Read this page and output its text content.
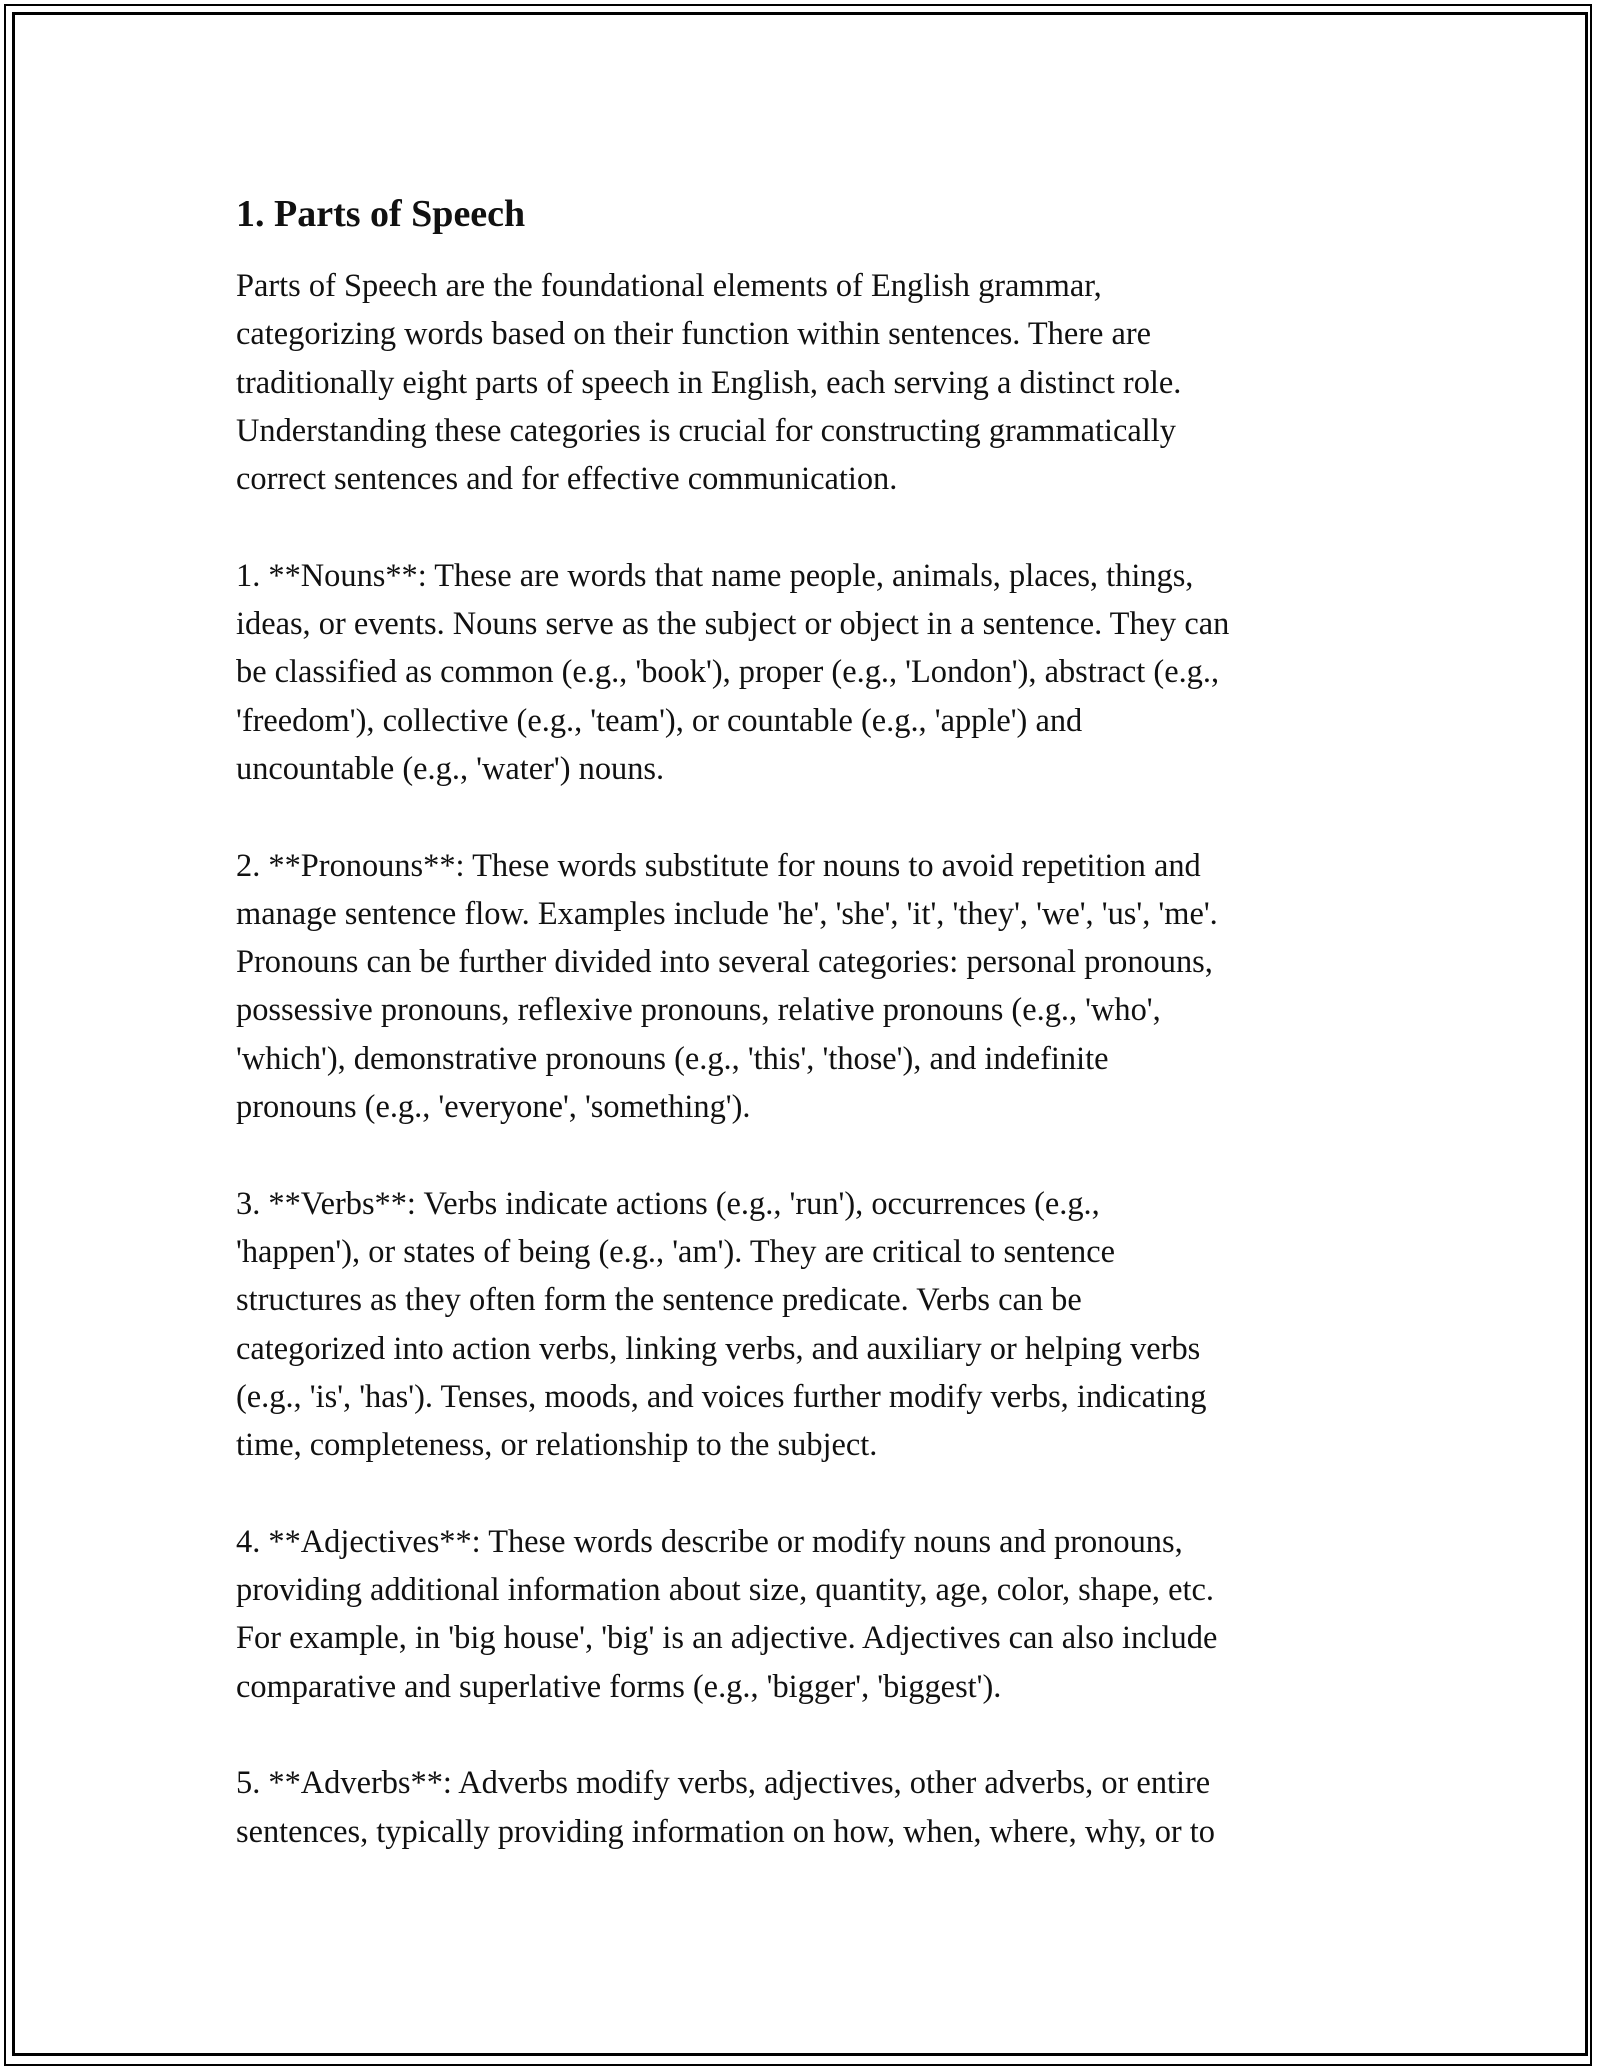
1. Parts of Speech

Parts of Speech are the foundational elements of English grammar,
categorizing words based on their function within sentences. There are
traditionally eight parts of speech in English, each serving a distinct role.
Understanding these categories is crucial for constructing grammatically
correct sentences and for effective communication.

1. **Nouns**: These are words that name people, animals, places, things,
ideas, or events. Nouns serve as the subject or object in a sentence. They can
be classified as common (e.g., 'book'), proper (e.g., 'London'), abstract (e.g.,
'freedom'), collective (e.g., 'team'), or countable (e.g., 'apple') and
uncountable (e.g., 'water') nouns.

2. **Pronouns**: These words substitute for nouns to avoid repetition and
manage sentence flow. Examples include 'he', 'she', 'it', 'they', 'we', 'us', 'me'.
Pronouns can be further divided into several categories: personal pronouns,
possessive pronouns, reflexive pronouns, relative pronouns (e.g., 'who',
'which'), demonstrative pronouns (e.g., 'this', 'those'), and indefinite
pronouns (e.g., 'everyone', 'something').

3. **Verbs**: Verbs indicate actions (e.g., 'run'), occurrences (e.g.,
'happen'), or states of being (e.g., 'am'). They are critical to sentence
structures as they often form the sentence predicate. Verbs can be
categorized into action verbs, linking verbs, and auxiliary or helping verbs
(e.g., 'is', 'has'). Tenses, moods, and voices further modify verbs, indicating
time, completeness, or relationship to the subject.

4. **Adjectives**: These words describe or modify nouns and pronouns,
providing additional information about size, quantity, age, color, shape, etc.
For example, in 'big house', 'big' is an adjective. Adjectives can also include
comparative and superlative forms (e.g., 'bigger', 'biggest').

5. **Adverbs**: Adverbs modify verbs, adjectives, other adverbs, or entire
sentences, typically providing information on how, when, where, why, or to
